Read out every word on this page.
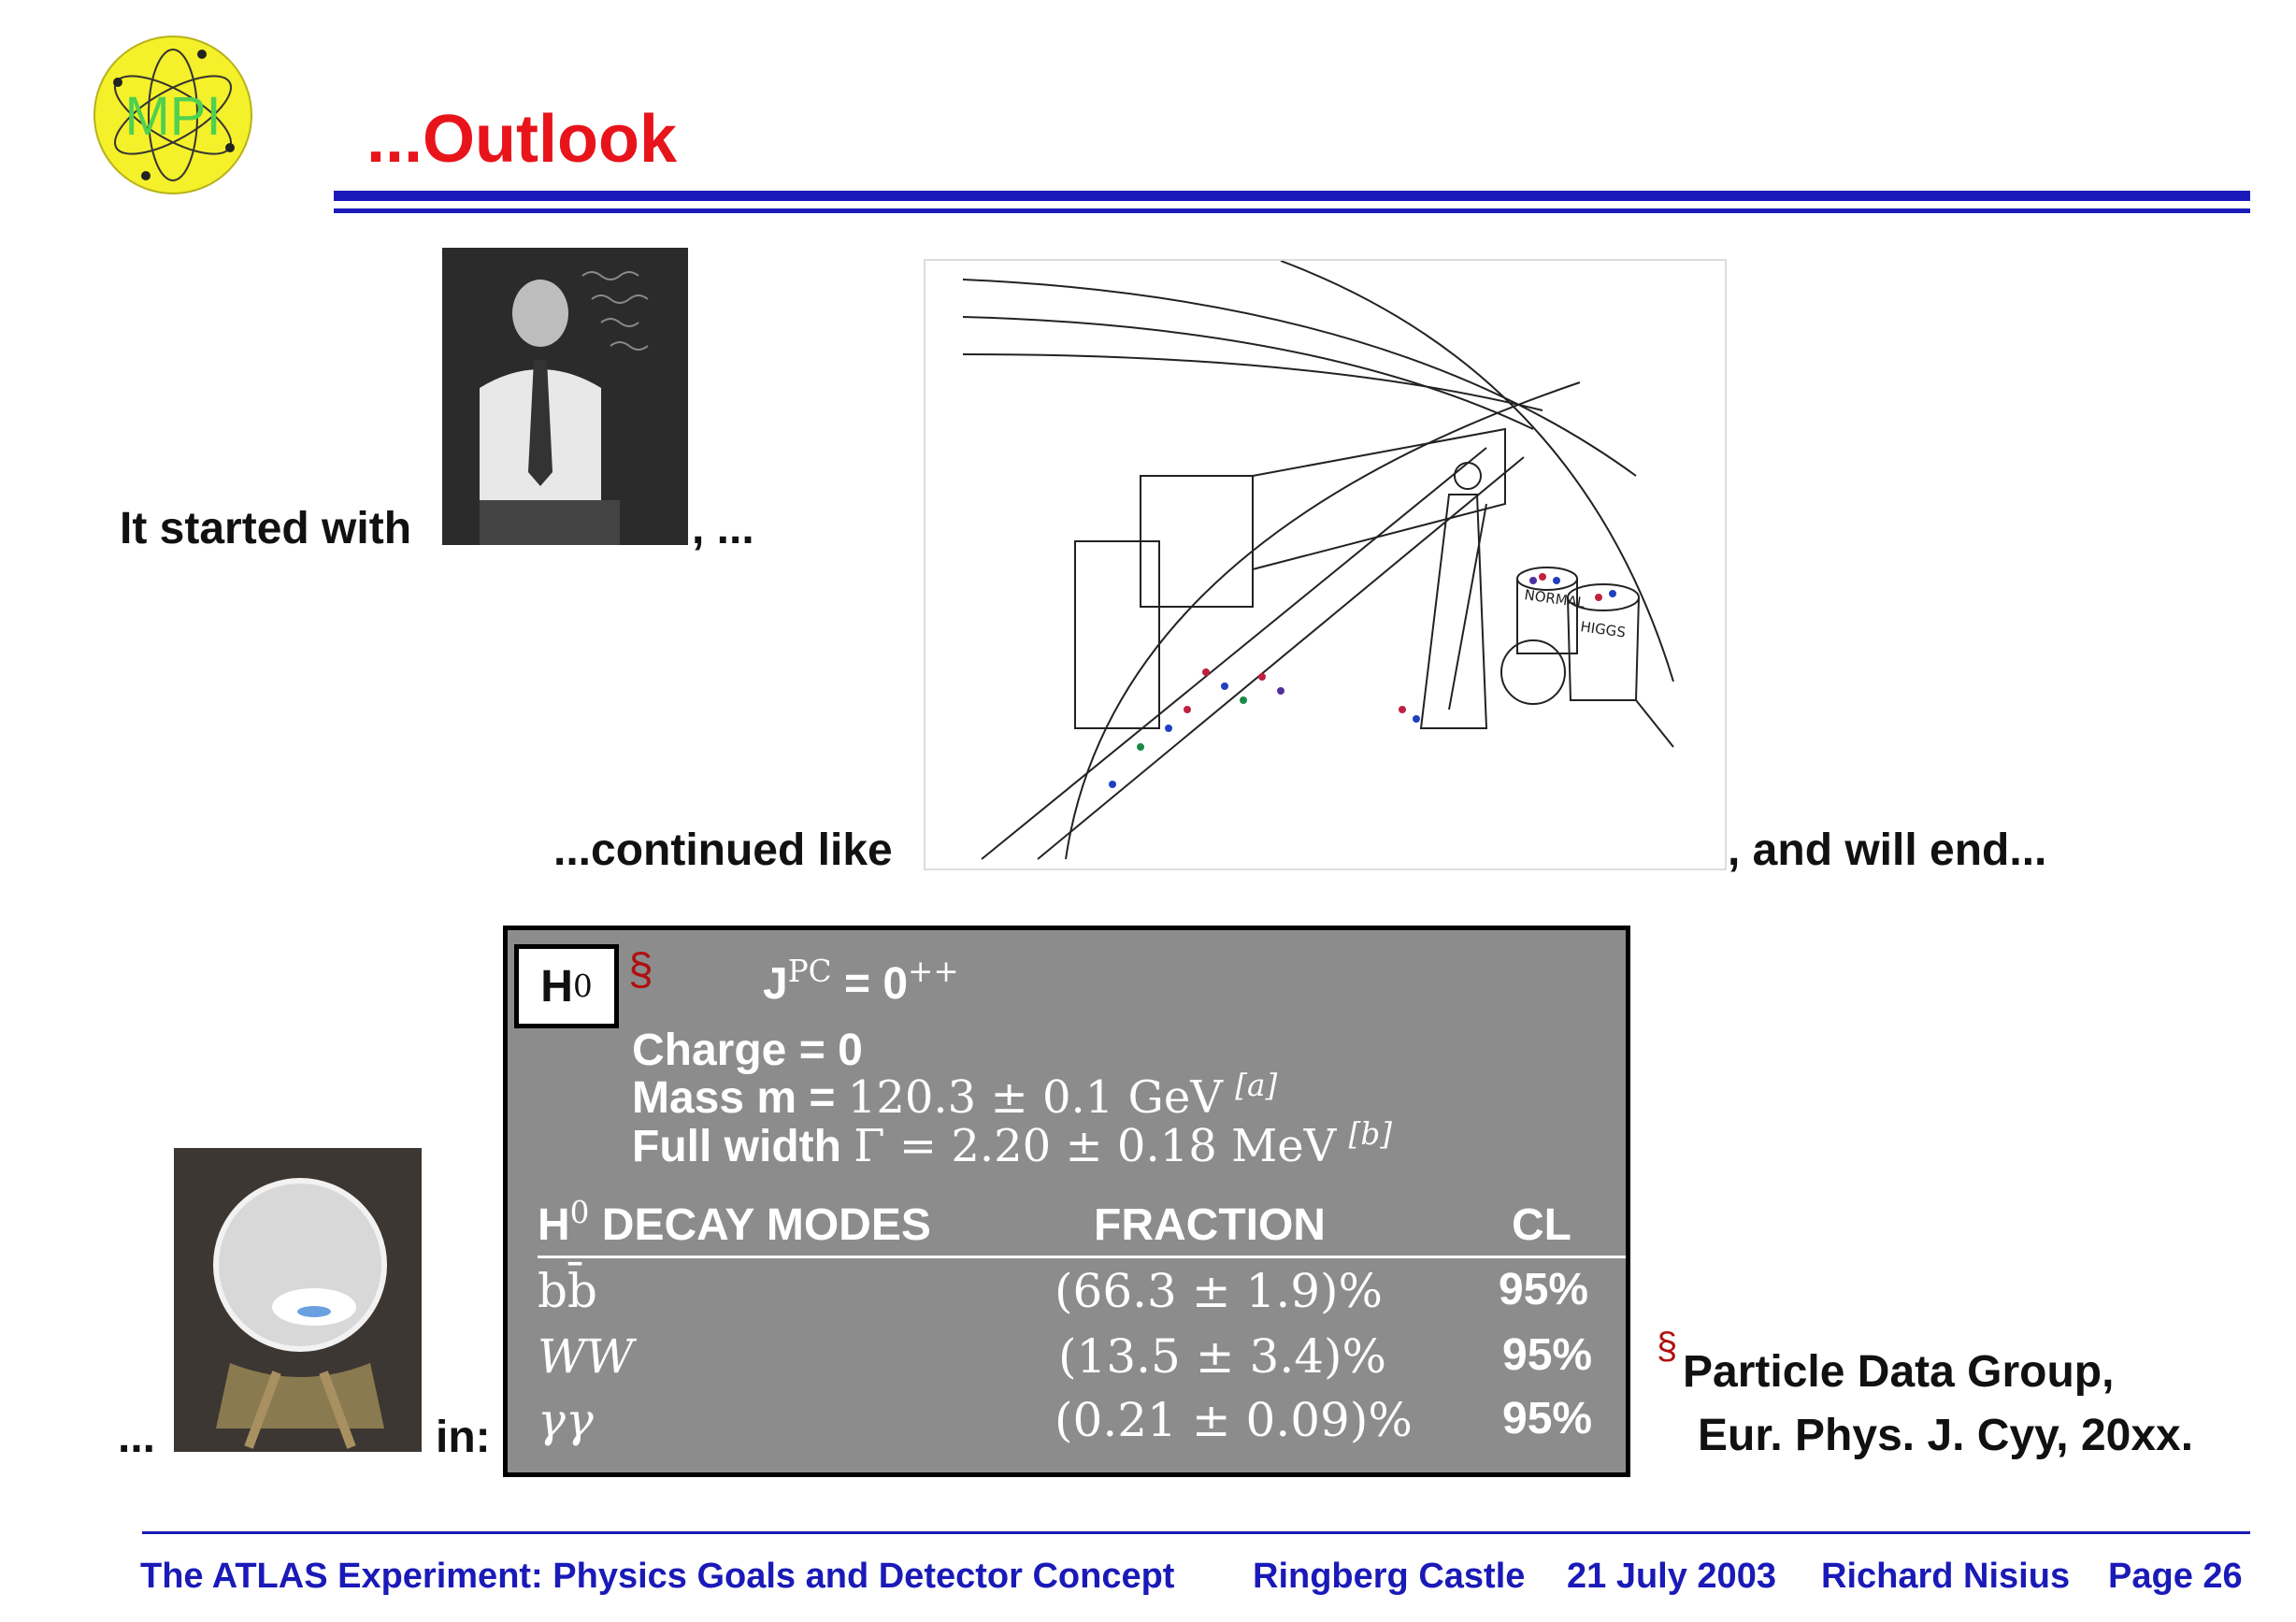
MPI ...Outlook
It started with	, ...
...continued like
NORMAL
HIGGS
, and will end...
...	in:
H 0 § $J^{PC} = 0^{++}$
Charge = 0
Mass m = 120.3 ± 0.1 GeV [a]
Full width Γ = 2.20 ± 0.18 MeV [b]
$H^0$ DECAY MODES	FRACTION	CL
bb̄	(66.3 ± 1.9)%	95%
WW	(13.5 ± 3.4)%	95%
γγ	(0.21 ± 0.09)% 95%
§
Particle Data Group,
Eur. Phys. J. Cyy, 20xx.
The ATLAS Experiment: Physics Goals and Detector Concept Ringberg Castle 21 July 2003 Richard Nisius Page 26
